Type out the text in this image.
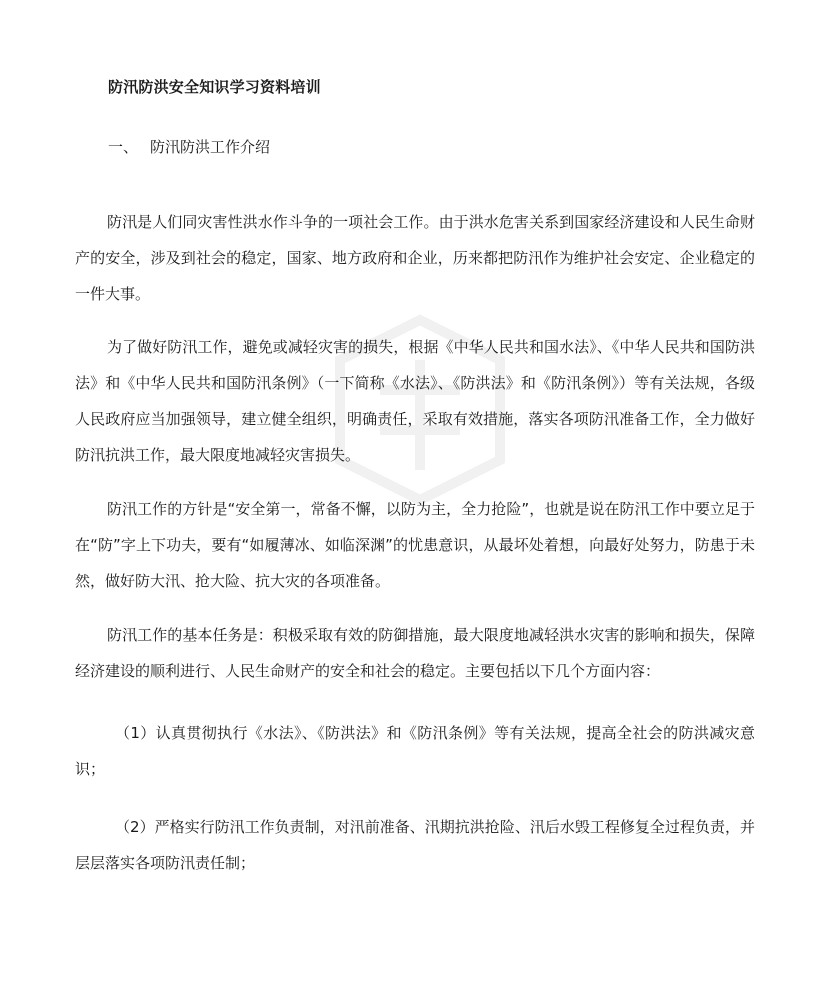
防汛防洪安全知识学习资料培训
一、 防汛防洪工作介绍

防汛是人们同灾害性洪水作斗争的一项社会工作。由于洪水危害关系到国家经济建设和人民生命财产的安全，涉及到社会的稳定，国家、地方政府和企业，历来都把防汛作为维护社会安定、企业稳定的一件大事。

为了做好防汛工作，避免或减轻灾害的损失，根据《中华人民共和国水法》、《中华人民共和国防洪法》和《中华人民共和国防汛条例》（一下简称《水法》、《防洪法》和《防汛条例》）等有关法规，各级人民政府应当加强领导，建立健全组织，明确责任，采取有效措施，落实各项防汛准备工作，全力做好防汛抗洪工作，最大限度地减轻灾害损失。

防汛工作的方针是“安全第一，常备不懈，以防为主，全力抢险”，也就是说在防汛工作中要立足于在“防”字上下功夫，要有“如履薄冰、如临深渊”的忧患意识，从最坏处着想，向最好处努力，防患于未然，做好防大汛、抢大险、抗大灾的各项准备。

防汛工作的基本任务是：积极采取有效的防御措施，最大限度地减轻洪水灾害的影响和损失，保障经济建设的顺利进行、人民生命财产的安全和社会的稳定。主要包括以下几个方面内容：

（1）认真贯彻执行《水法》、《防洪法》和《防汛条例》等有关法规，提高全社会的防洪减灾意识；

（2）严格实行防汛工作负责制，对汛前准备、汛期抗洪抢险、汛后水毁工程修复全过程负责，并层层落实各项防汛责任制；
